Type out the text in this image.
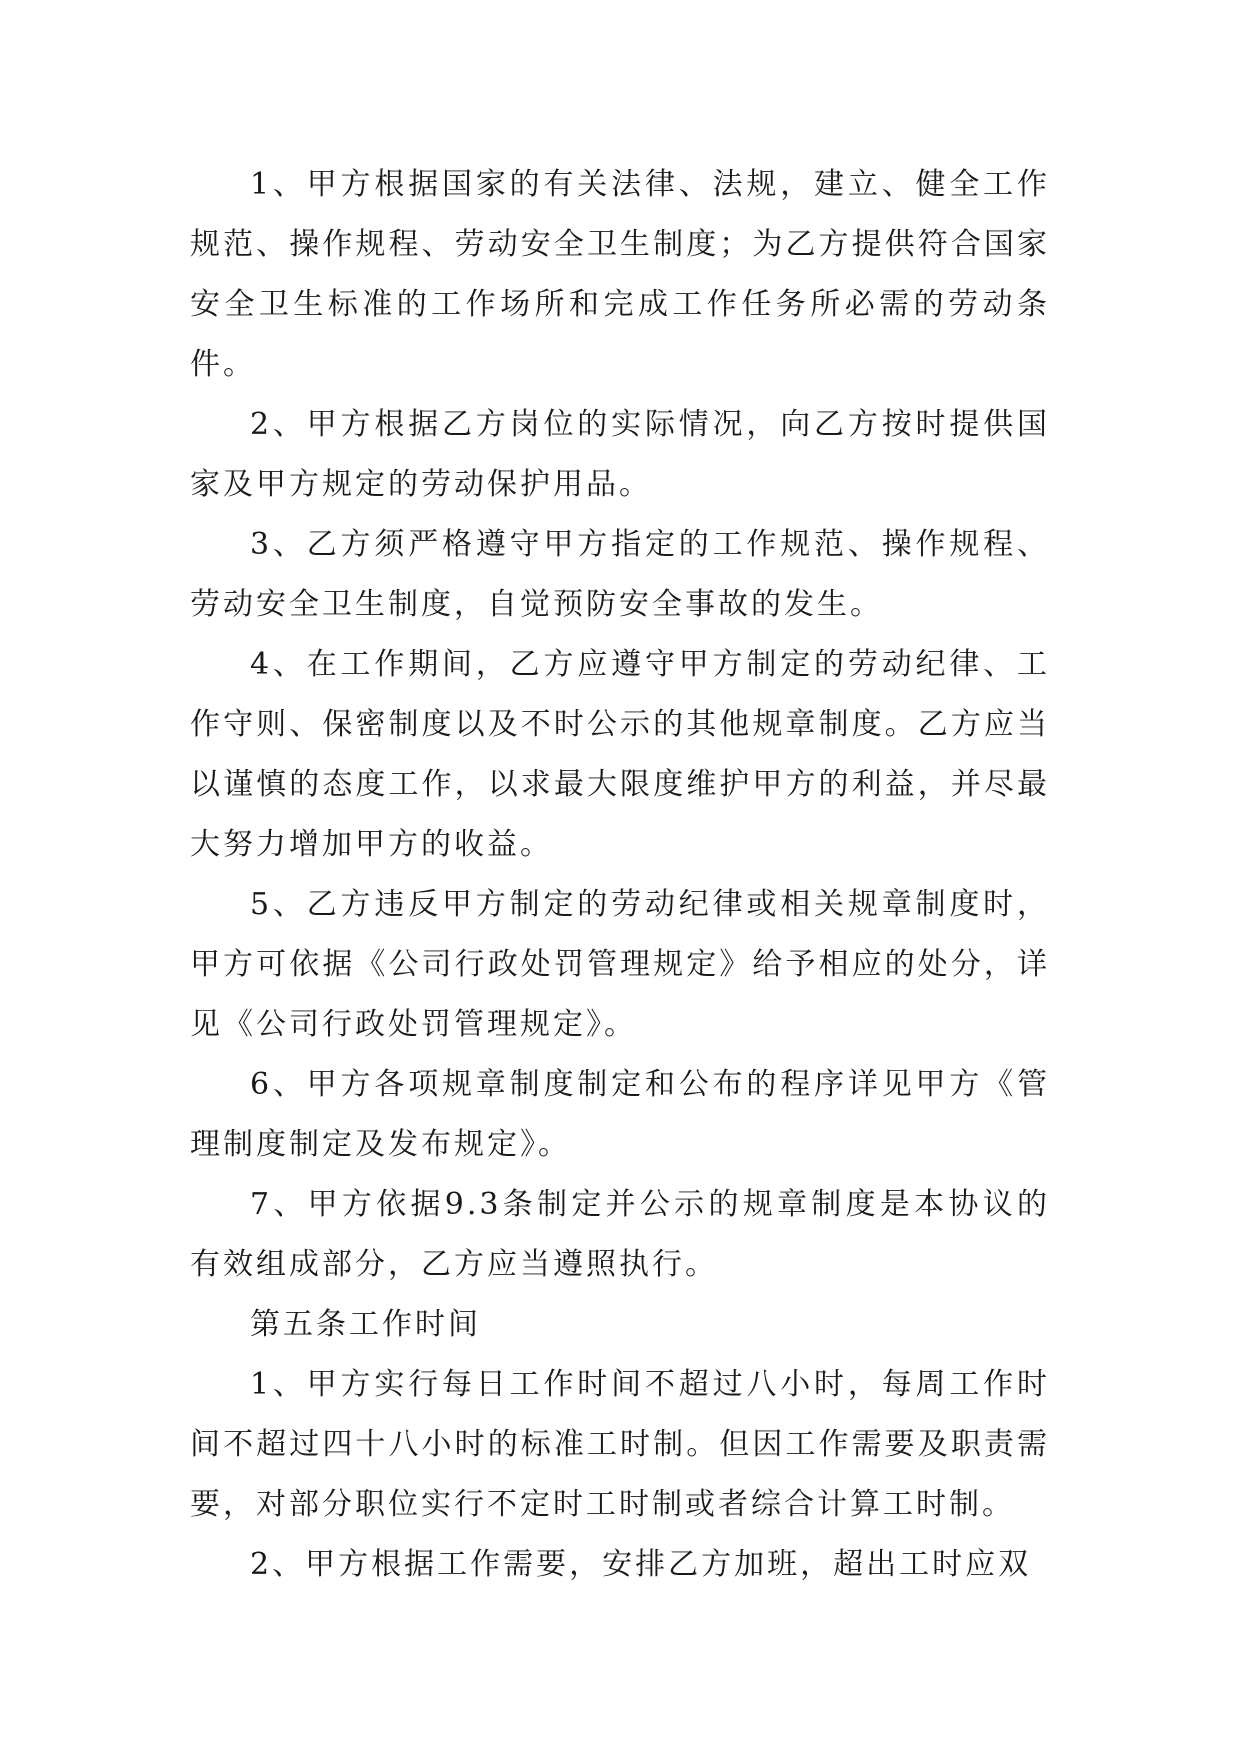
1、甲方根据国家的有关法律、法规，建立、健全工作规范、操作规程、劳动安全卫生制度；为乙方提供符合国家安全卫生标准的工作场所和完成工作任务所必需的劳动条件。

2、甲方根据乙方岗位的实际情况，向乙方按时提供国家及甲方规定的劳动保护用品。

3、乙方须严格遵守甲方指定的工作规范、操作规程、劳动安全卫生制度，自觉预防安全事故的发生。

4、在工作期间，乙方应遵守甲方制定的劳动纪律、工作守则、保密制度以及不时公示的其他规章制度。乙方应当以谨慎的态度工作，以求最大限度维护甲方的利益，并尽最大努力增加甲方的收益。

5、乙方违反甲方制定的劳动纪律或相关规章制度时，甲方可依据《公司行政处罚管理规定》给予相应的处分，详见《公司行政处罚管理规定》。

6、甲方各项规章制度制定和公布的程序详见甲方《管理制度制定及发布规定》。

7、甲方依据9.3条制定并公示的规章制度是本协议的有效组成部分，乙方应当遵照执行。

第五条工作时间

1、甲方实行每日工作时间不超过八小时，每周工作时间不超过四十八小时的标准工时制。但因工作需要及职责需要，对部分职位实行不定时工时制或者综合计算工时制。

2、甲方根据工作需要，安排乙方加班，超出工时应双
